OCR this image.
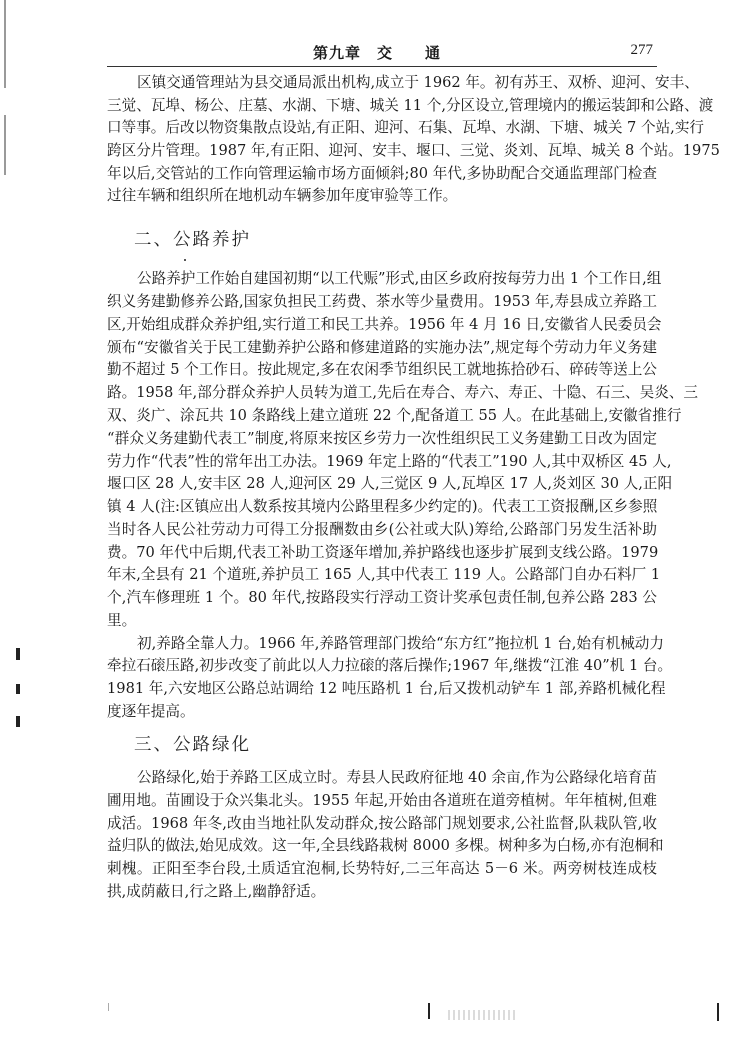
第九章　交　　通	277
区镇交通管理站为县交通局派出机构,成立于 1962 年。初有苏王、双桥、迎河、安丰、
三觉、瓦埠、杨公、庄墓、水湖、下塘、城关 11 个,分区设立,管理境内的搬运装卸和公路、渡
口等事。后改以物资集散点设站,有正阳、迎河、石集、瓦埠、水湖、下塘、城关 7 个站,实行
跨区分片管理。1987 年,有正阳、迎河、安丰、堰口、三觉、炎刘、瓦埠、城关 8 个站。1975
年以后,交管站的工作向管理运输市场方面倾斜;80 年代,多协助配合交通监理部门检查
过往车辆和组织所在地机动车辆参加年度审验等工作。
二、公路养护
公路养护工作始自建国初期“以工代赈”形式,由区乡政府按每劳力出 1 个工作日,组
织义务建勤修养公路,国家负担民工药费、茶水等少量费用。1953 年,寿县成立养路工
区,开始组成群众养护组,实行道工和民工共养。1956 年 4 月 16 日,安徽省人民委员会
颁布“安徽省关于民工建勤养护公路和修建道路的实施办法”,规定每个劳动力年义务建
勤不超过 5 个工作日。按此规定,多在农闲季节组织民工就地拣拾砂石、碎砖等送上公
路。1958 年,部分群众养护人员转为道工,先后在寿合、寿六、寿正、十隐、石三、吴炎、三
双、炎广、涂瓦共 10 条路线上建立道班 22 个,配备道工 55 人。在此基础上,安徽省推行
“群众义务建勤代表工”制度,将原来按区乡劳力一次性组织民工义务建勤工日改为固定
劳力作“代表”性的常年出工办法。1969 年定上路的“代表工”190 人,其中双桥区 45 人,
堰口区 28 人,安丰区 28 人,迎河区 29 人,三觉区 9 人,瓦埠区 17 人,炎刘区 30 人,正阳
镇 4 人(注:区镇应出人数系按其境内公路里程多少约定的)。代表工工资报酬,区乡参照
当时各人民公社劳动力可得工分报酬数由乡(公社或大队)筹给,公路部门另发生活补助
费。70 年代中后期,代表工补助工资逐年增加,养护路线也逐步扩展到支线公路。1979
年末,全县有 21 个道班,养护员工 165 人,其中代表工 119 人。公路部门自办石料厂 1
个,汽车修理班 1 个。80 年代,按路段实行浮动工资计奖承包责任制,包养公路 283 公
里。
初,养路全靠人力。1966 年,养路管理部门拨给“东方红”拖拉机 1 台,始有机械动力
牵拉石磙压路,初步改变了前此以人力拉磙的落后操作;1967 年,继拨“江淮 40”机 1 台。
1981 年,六安地区公路总站调给 12 吨压路机 1 台,后又拨机动铲车 1 部,养路机械化程
度逐年提高。
三、公路绿化
公路绿化,始于养路工区成立时。寿县人民政府征地 40 余亩,作为公路绿化培育苗
圃用地。苗圃设于众兴集北头。1955 年起,开始由各道班在道旁植树。年年植树,但难
成活。1968 年冬,改由当地社队发动群众,按公路部门规划要求,公社监督,队栽队管,收
益归队的做法,始见成效。这一年,全县线路栽树 8000 多棵。树种多为白杨,亦有泡桐和
刺槐。正阳至李台段,土质适宜泡桐,长势特好,二三年高达 5－6 米。两旁树枝连成枝
拱,成荫蔽日,行之路上,幽静舒适。
